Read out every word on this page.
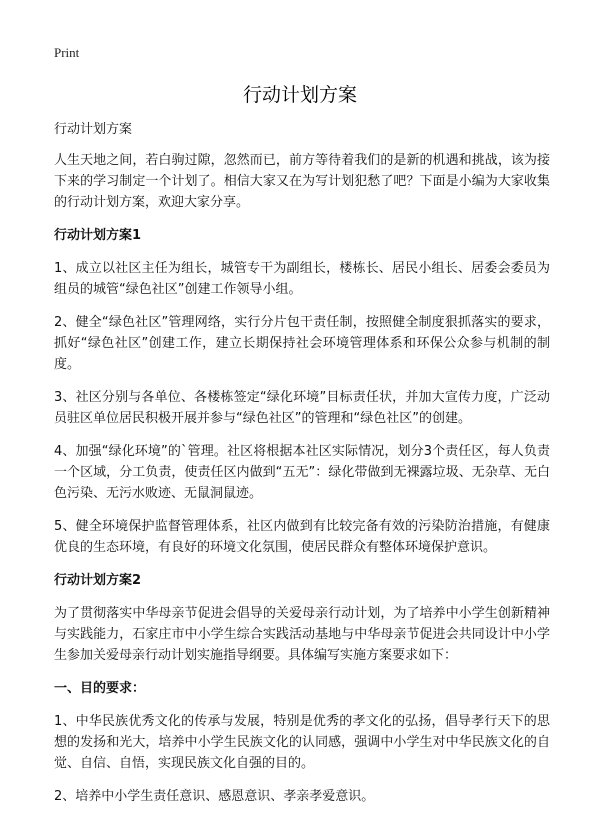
Print
行动计划方案

行动计划方案

人生天地之间，若白驹过隙，忽然而已，前方等待着我们的是新的机遇和挑战，该为接下来的学习制定一个计划了。相信大家又在为写计划犯愁了吧？下面是小编为大家收集的行动计划方案，欢迎大家分享。

行动计划方案1

1、成立以社区主任为组长，城管专干为副组长，楼栋长、居民小组长、居委会委员为组员的城管“绿色社区”创建工作领导小组。

2、健全“绿色社区”管理网络，实行分片包干责任制，按照健全制度狠抓落实的要求，抓好“绿色社区”创建工作，建立长期保持社会环境管理体系和环保公众参与机制的制度。

3、社区分别与各单位、各楼栋签定“绿化环境”目标责任状，并加大宣传力度，广泛动员驻区单位居民积极开展并参与“绿色社区”的管理和“绿色社区”的创建。

4、加强“绿化环境”的`管理。社区将根据本社区实际情况，划分3个责任区，每人负责一个区域，分工负责，使责任区内做到“五无”：绿化带做到无裸露垃圾、无杂草、无白色污染、无污水败迹、无鼠洞鼠迹。

5、健全环境保护监督管理体系，社区内做到有比较完备有效的污染防治措施，有健康优良的生态环境，有良好的环境文化氛围，使居民群众有整体环境保护意识。

行动计划方案2

为了贯彻落实中华母亲节促进会倡导的关爱母亲行动计划，为了培养中小学生创新精神与实践能力，石家庄市中小学生综合实践活动基地与中华母亲节促进会共同设计中小学生参加关爱母亲行动计划实施指导纲要。具体编写实施方案要求如下：

一、目的要求：

1、中华民族优秀文化的传承与发展，特别是优秀的孝文化的弘扬，倡导孝行天下的思想的发扬和光大，培养中小学生民族文化的认同感，强调中小学生对中华民族文化的自觉、自信、自悟，实现民族文化自强的目的。

2、培养中小学生责任意识、感恩意识、孝亲孝爱意识。
